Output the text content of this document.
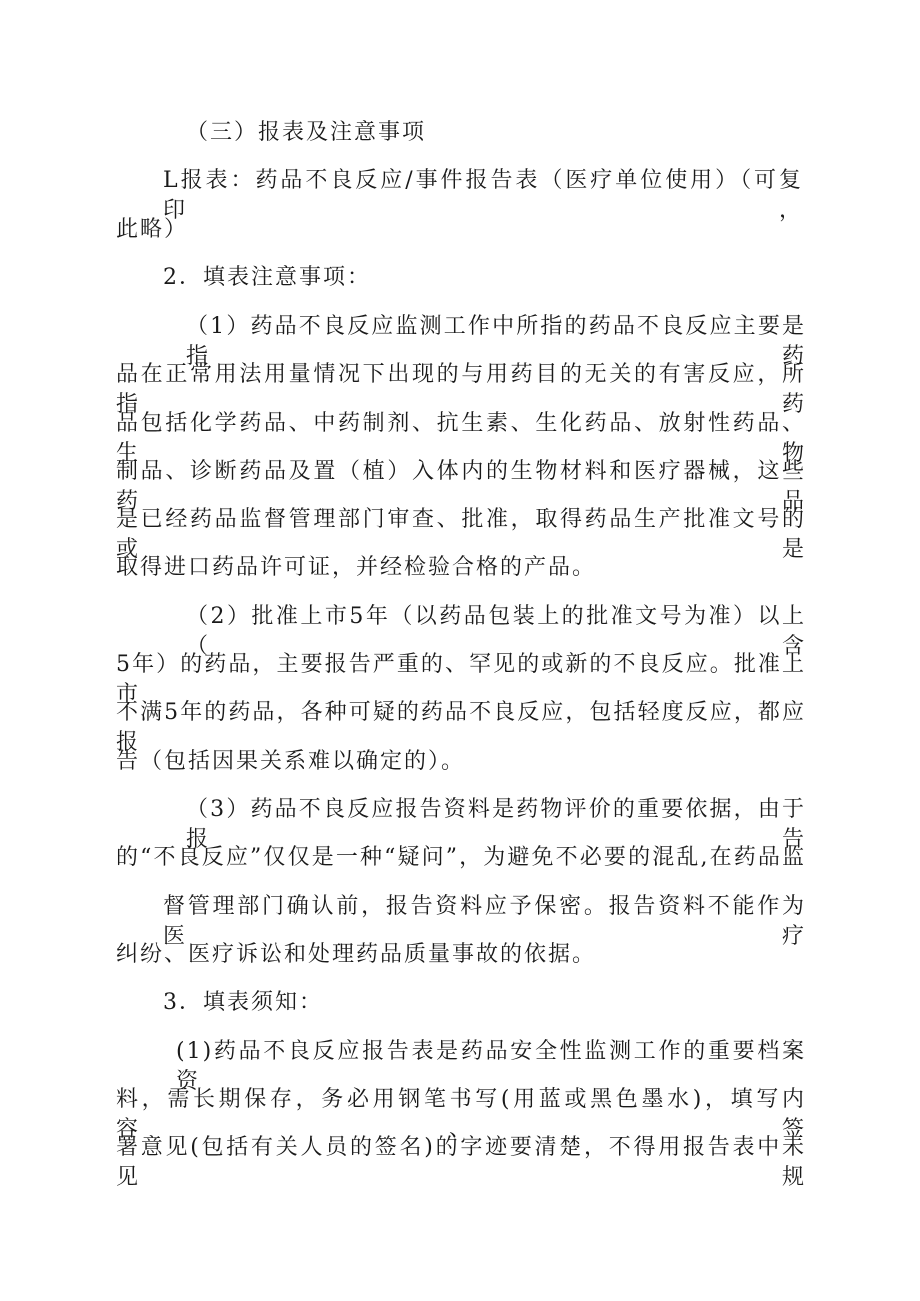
（三）报表及注意事项
L报表：药品不良反应/事件报告表（医疗单位使用）（可复印，
此略）
2．填表注意事项：
（1）药品不良反应监测工作中所指的药品不良反应主要是指药
品在正常用法用量情况下出现的与用药目的无关的有害反应，所指药
品包括化学药品、中药制剂、抗生素、生化药品、放射性药品、生物
制品、诊断药品及置（植）入体内的生物材料和医疗器械，这些药品
是已经药品监督管理部门审查、批准，取得药品生产批准文号的或是
取得进口药品许可证，并经检验合格的产品。
（2）批准上市5年（以药品包装上的批准文号为准）以上（含
5年）的药品，主要报告严重的、罕见的或新的不良反应。批准上市
不满5年的药品，各种可疑的药品不良反应，包括轻度反应，都应报
告（包括因果关系难以确定的）。
（3）药品不良反应报告资料是药物评价的重要依据，由于报告
的“不良反应”仅仅是一种“疑问”，为避免不必要的混乱,在药品监
督管理部门确认前，报告资料应予保密。报告资料不能作为医疗
纠纷、医疗诉讼和处理药品质量事故的依据。
3．填表须知：
(1)药品不良反应报告表是药品安全性监测工作的重要档案资
料，需长期保存，务必用钢笔书写(用蓝或黑色墨水)，填写内容、签
署意见(包括有关人员的签名)的字迹要清楚，不得用报告表中未见规
